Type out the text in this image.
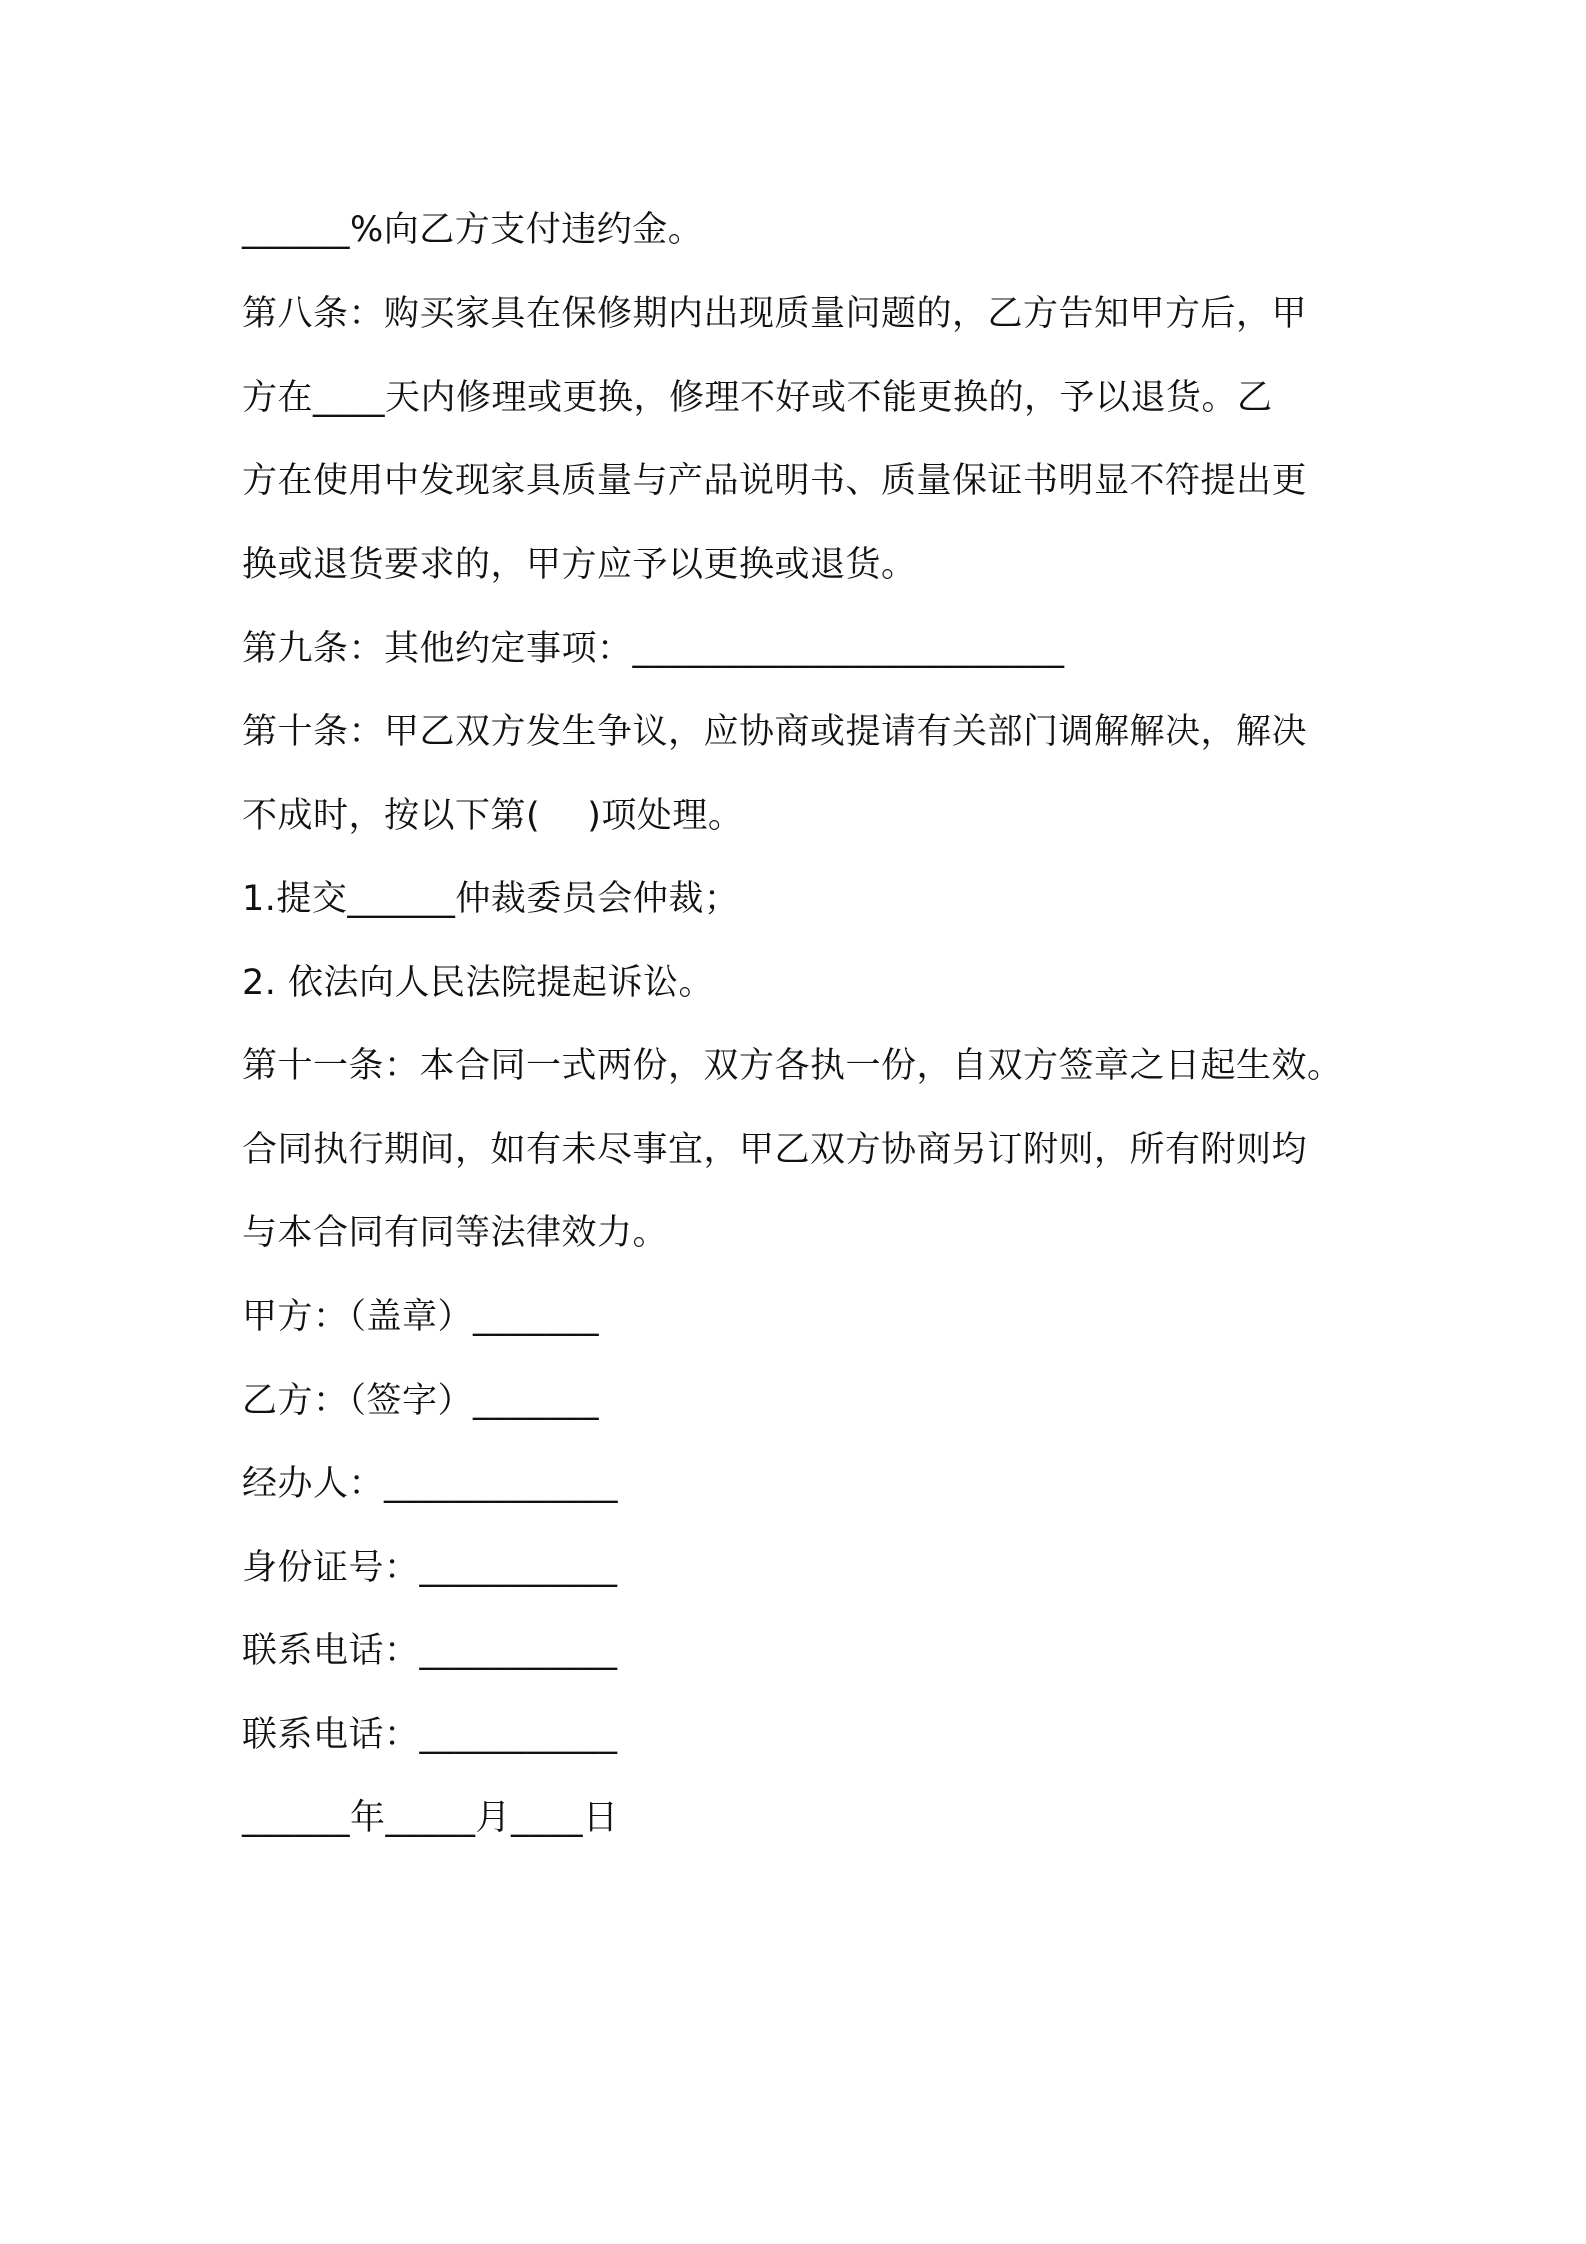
______%向乙方支付违约金。
第八条：购买家具在保修期内出现质量问题的，乙方告知甲方后，甲
方在____天内修理或更换，修理不好或不能更换的，予以退货。乙
方在使用中发现家具质量与产品说明书、质量保证书明显不符提出更
换或退货要求的，甲方应予以更换或退货。
第九条：其他约定事项：________________________
第十条：甲乙双方发生争议，应协商或提请有关部门调解解决，解决
不成时，按以下第(　 )项处理。
1.提交______仲裁委员会仲裁；
2. 依法向人民法院提起诉讼。
第十一条：本合同一式两份，双方各执一份，自双方签章之日起生效。
合同执行期间，如有未尽事宜，甲乙双方协商另订附则，所有附则均
与本合同有同等法律效力。
甲方：（盖章）_______
乙方：（签字）_______
经办人：_____________
身份证号：___________
联系电话：___________
联系电话：___________
______年_____月____日
